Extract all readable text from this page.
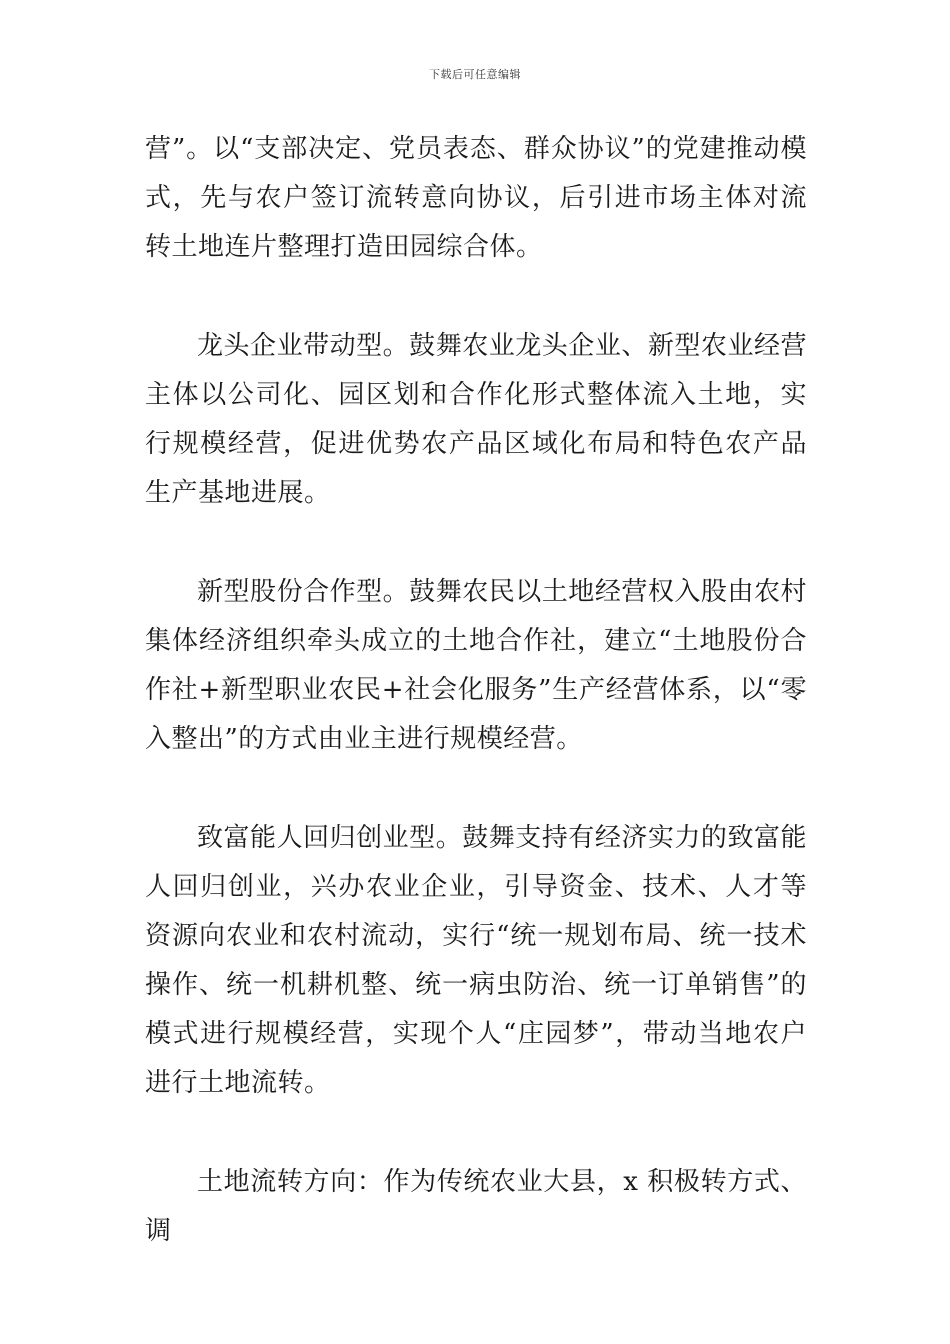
下载后可任意编辑

营”。以“支部决定、党员表态、群众协议”的党建推动模式，先与农户签订流转意向协议，后引进市场主体对流转土地连片整理打造田园综合体。

龙头企业带动型。鼓舞农业龙头企业、新型农业经营主体以公司化、园区划和合作化形式整体流入土地，实行规模经营，促进优势农产品区域化布局和特色农产品生产基地进展。

新型股份合作型。鼓舞农民以土地经营权入股由农村集体经济组织牵头成立的土地合作社，建立“土地股份合作社+新型职业农民+社会化服务”生产经营体系，以“零入整出”的方式由业主进行规模经营。

致富能人回归创业型。鼓舞支持有经济实力的致富能人回归创业，兴办农业企业，引导资金、技术、人才等资源向农业和农村流动，实行“统一规划布局、统一技术操作、统一机耕机整、统一病虫防治、统一订单销售”的模式进行规模经营，实现个人“庄园梦”，带动当地农户进行土地流转。

土地流转方向：作为传统农业大县，x 积极转方式、调
